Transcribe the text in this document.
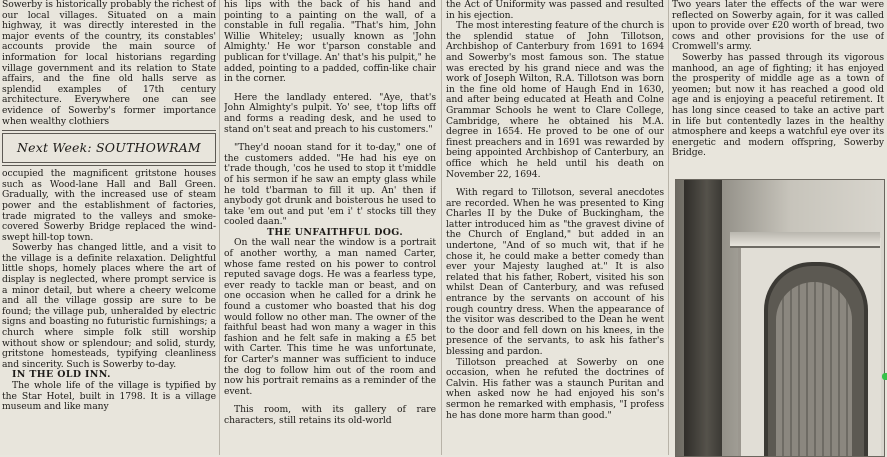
Sowerby is historically probably the richest of our local villages. Situated on a main highway, it was directly interested in the major events of the country, its constables' accounts provide the main source of information for local historians regarding village government and its relation to State affairs, and the fine old halls serve as splendid examples of 17th century architecture. Everywhere one can see evidence of Sowerby's former importance when wealthy clothiers

Next Week: SOUTHOWRAM

occupied the magnificent gritstone houses such as Wood-lane Hall and Ball Green. Gradually, with the increased use of steam power and the establishment of factories, trade migrated to the valleys and smoke-covered Sowerby Bridge replaced the wind-swept hill-top town.

Sowerby has changed little, and a visit to the village is a definite relaxation. Delightful little shops, homely places where the art of display is neglected, where prompt service is a minor detail, but where a cheery welcome and all the village gossip are sure to be found; the village pub, unheralded by electric signs and boasting no futuristic furnishings; a church where simple folk still worship without show or splendour; and solid, sturdy, gritstone homesteads, typifying cleanliness and sincerity. Such is Sowerby to-day.

IN THE OLD INN.

The whole life of the village is typified by the Star Hotel, built in 1798. It is a village museum and like many

his lips with the back of his hand and pointing to a painting on the wall, of a constable in full regalia. "That's him, John Willie Whiteley; usually known as 'John Almighty.' He wor t'parson constable and publican for t'village. An' that's his pulpit," he added, pointing to a padded, coffin-like chair in the corner.

Here the landlady entered. "Aye, that's John Almighty's pulpit. Yo' see, t'top lifts off and forms a reading desk, and he used to stand on't seat and preach to his customers."

"They'd nooan stand for it to-day," one of the customers added. "He had his eye on t'rade though, 'cos he used to stop it t'middle of his sermon if he saw an empty glass while he told t'barman to fill it up. An' then if anybody got drunk and boisterous he used to take 'em out and put 'em i' t' stocks till they cooled daan."

THE UNFAITHFUL DOG.

On the wall near the window is a portrait of another worthy, a man named Carter, whose fame rested on his power to control reputed savage dogs. He was a fearless type, ever ready to tackle man or beast, and on one occasion when he called for a drink he found a customer who boasted that his dog would follow no other man. The owner of the faithful beast had won many a wager in this fashion and he felt safe in making a £5 bet with Carter. This time he was unfortunate, for Carter's manner was sufficient to induce the dog to follow him out of the room and now his portrait remains as a reminder of the event.

This room, with its gallery of rare characters, still retains its old-world

the Act of Uniformity was passed and resulted in his ejection.

The most interesting feature of the church is the splendid statue of John Tillotson, Archbishop of Canterbury from 1691 to 1694 and Sowerby's most famous son. The statue was erected by his grand niece and was the work of Joseph Wilton, R.A. Tillotson was born in the fine old home of Haugh End in 1630, and after being educated at Heath and Colne Grammar Schools he went to Clare College, Cambridge, where he obtained his M.A. degree in 1654. He proved to be one of our finest preachers and in 1691 was rewarded by being appointed Archbishop of Canterbury, an office which he held until his death on November 22, 1694.

With regard to Tillotson, several anecdotes are recorded. When he was presented to King Charles II by the Duke of Buckingham, the latter introduced him as "the gravest divine of the Church of England," but added in an undertone, "And of so much wit, that if he chose it, he could make a better comedy than ever your Majesty laughed at." It is also related that his father, Robert, visited his son whilst Dean of Canterbury, and was refused entrance by the servants on account of his rough country dress. When the appearance of the visitor was described to the Dean he went to the door and fell down on his knees, in the presence of the servants, to ask his father's blessing and pardon.

Tillotson preached at Sowerby on one occasion, when he refuted the doctrines of Calvin. His father was a staunch Puritan and when asked now he had enjoyed his son's sermon he remarked with emphasis, "I profess he has done more harm than good."

Two years later the effects of the war were reflected on Sowerby again, for it was called upon to provide over £20 worth of bread, two cows and other provisions for the use of Cromwell's army.

Sowerby has passed through its vigorous manhood, an age of fighting; it has enjoyed the prosperity of middle age as a town of yeomen; but now it has reached a good old age and is enjoying a peaceful retirement. It has long since ceased to take an active part in life but contentedly lazes in the healthy atmosphere and keeps a watchful eye over its energetic and modern offspring, Sowerby Bridge.
